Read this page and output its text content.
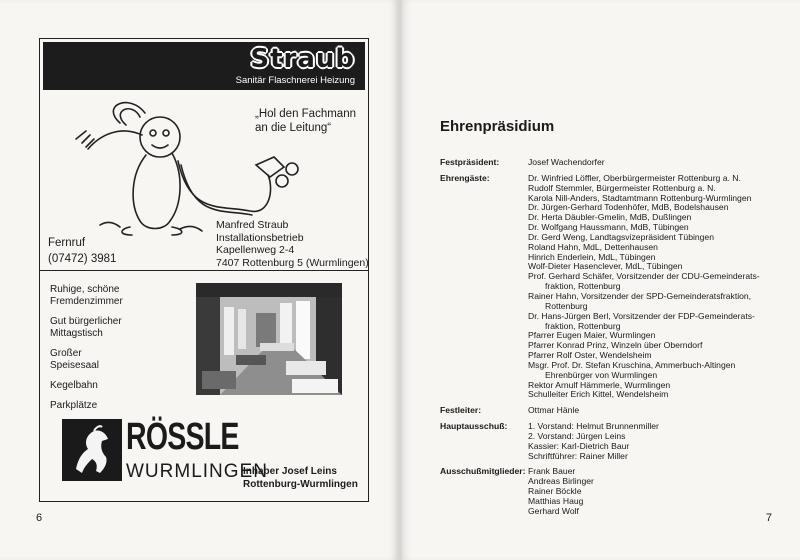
Straub
Sanitär Flaschnerei Heizung
„Hol den Fachmann
an die Leitung“
Fernruf
(07472) 3981
Manfred Straub
Installationsbetrieb
Kapellenweg 2-4
7407 Rottenburg 5 (Wurmlingen)
Ruhige, schöne
Fremdenzimmer
Gut bürgerlicher
Mittagstisch
Großer
Speisesaal
Kegelbahn
Parkplätze
RÖSSLE
WURMLINGEN
Inhaber Josef Leins
Rottenburg-Wurmlingen
6
Ehrenpräsidium
Festpräsident:	Josef Wachendorfer
Ehrengäste:	Dr. Winfried Löffler, Oberbürgermeister Rottenburg a. N.
Rudolf Stemmler, Bürgermeister Rottenburg a. N.
Karola Nill-Anders, Stadtamtmann Rottenburg-Wurmlingen
Dr. Jürgen-Gerhard Todenhöfer, MdB, Bodelshausen
Dr. Herta Däubler-Gmelin, MdB, Dußlingen
Dr. Wolfgang Haussmann, MdB, Tübingen
Dr. Gerd Weng, Landtagsvizepräsident Tübingen
Roland Hahn, MdL, Dettenhausen
Hinrich Enderlein, MdL, Tübingen
Wolf-Dieter Hasenclever, MdL, Tübingen
Prof. Gerhard Schäfer, Vorsitzender der CDU-Gemeinderats-
fraktion, Rottenburg
Rainer Hahn, Vorsitzender der SPD-Gemeinderatsfraktion,
Rottenburg
Dr. Hans-Jürgen Berl, Vorsitzender der FDP-Gemeinderats-
fraktion, Rottenburg
Pfarrer Eugen Maier, Wurmlingen
Pfarrer Konrad Prinz, Winzeln über Oberndorf
Pfarrer Rolf Oster, Wendelsheim
Msgr. Prof. Dr. Stefan Kruschina, Ammerbuch-Altingen
Ehrenbürger von Wurmlingen
Rektor Arnulf Hämmerle, Wurmlingen
Schulleiter Erich Kittel, Wendelsheim
Festleiter:	Ottmar Hänle
Hauptausschuß:	1. Vorstand: Helmut Brunnenmiller
2. Vorstand: Jürgen Leins
Kassier: Karl-Dietrich Baur
Schriftführer: Rainer Miller
Ausschußmitglieder: Frank Bauer
Andreas Birlinger
Rainer Böckle
Matthias Haug
Gerhard Wolf
7
